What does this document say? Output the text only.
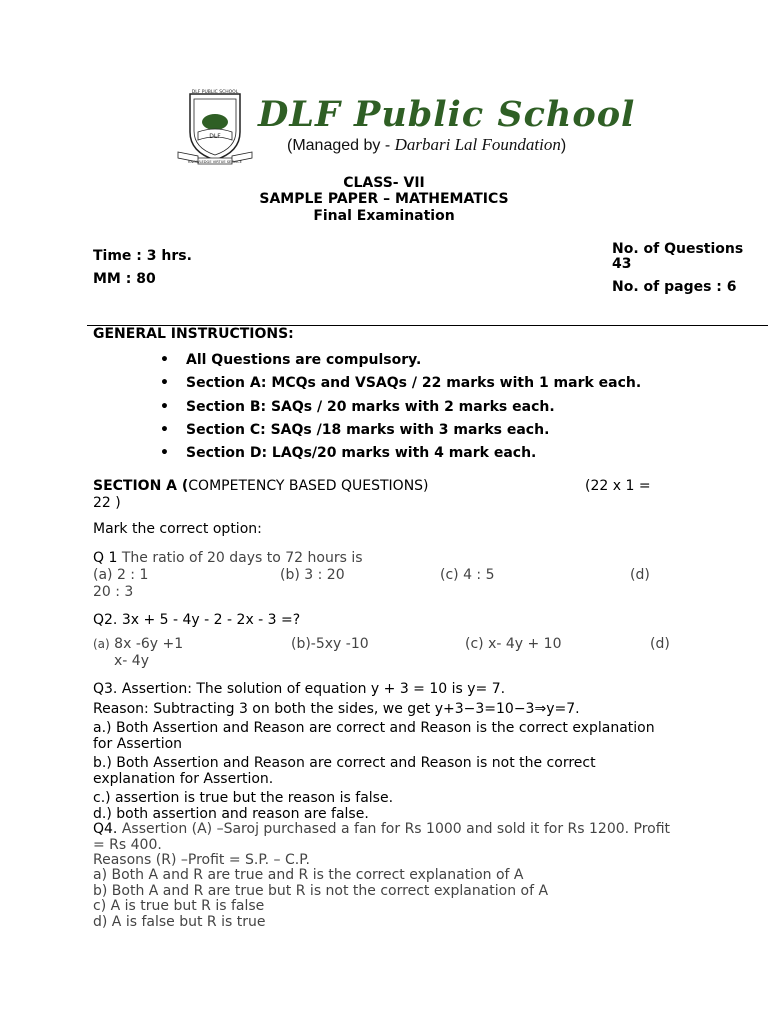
DLF
DLF PUBLIC SCHOOL
KNOWLEDGE VIRTUE SERVICE
DLF Public School
(Managed by - Darbari Lal Foundation)
CLASS- VII
SAMPLE PAPER – MATHEMATICS
Final Examination
Time : 3 hrs.
MM : 80
No. of Questions
43
No. of pages : 6
GENERAL INSTRUCTIONS:
• All Questions are compulsory.
• Section A: MCQs and VSAQs / 22 marks with 1 mark each.
• Section B: SAQs / 20 marks with 2 marks each.
• Section C: SAQs /18 marks with 3 marks each.
• Section D: LAQs/20 marks with 4 mark each.
SECTION A (COMPETENCY BASED QUESTIONS)	(22 x 1 =
22 )
Mark the correct option:
Q 1 The ratio of 20 days to 72 hours is
(a) 2 : 1	(b) 3 : 20	(c) 4 : 5	(d)
20 : 3
Q2. 3x + 5 - 4y - 2 - 2x - 3 =?
(a) 8x -6y +1	(b)-5xy -10	(c) x- 4y + 10	(d)
x- 4y
Q3. Assertion: The solution of equation y + 3 = 10 is y= 7.
Reason: Subtracting 3 on both the sides, we get y+3−3=10−3⇒y=7.
a.) Both Assertion and Reason are correct and Reason is the correct explanation
for Assertion
b.) Both Assertion and Reason are correct and Reason is not the correct
explanation for Assertion.
c.) assertion is true but the reason is false.
d.) both assertion and reason are false.
Q4. Assertion (A) –Saroj purchased a fan for Rs 1000 and sold it for Rs 1200. Profit
= Rs 400.
Reasons (R) –Profit = S.P. – C.P.
a) Both A and R are true and R is the correct explanation of A
b) Both A and R are true but R is not the correct explanation of A
c) A is true but R is false
d) A is false but R is true
